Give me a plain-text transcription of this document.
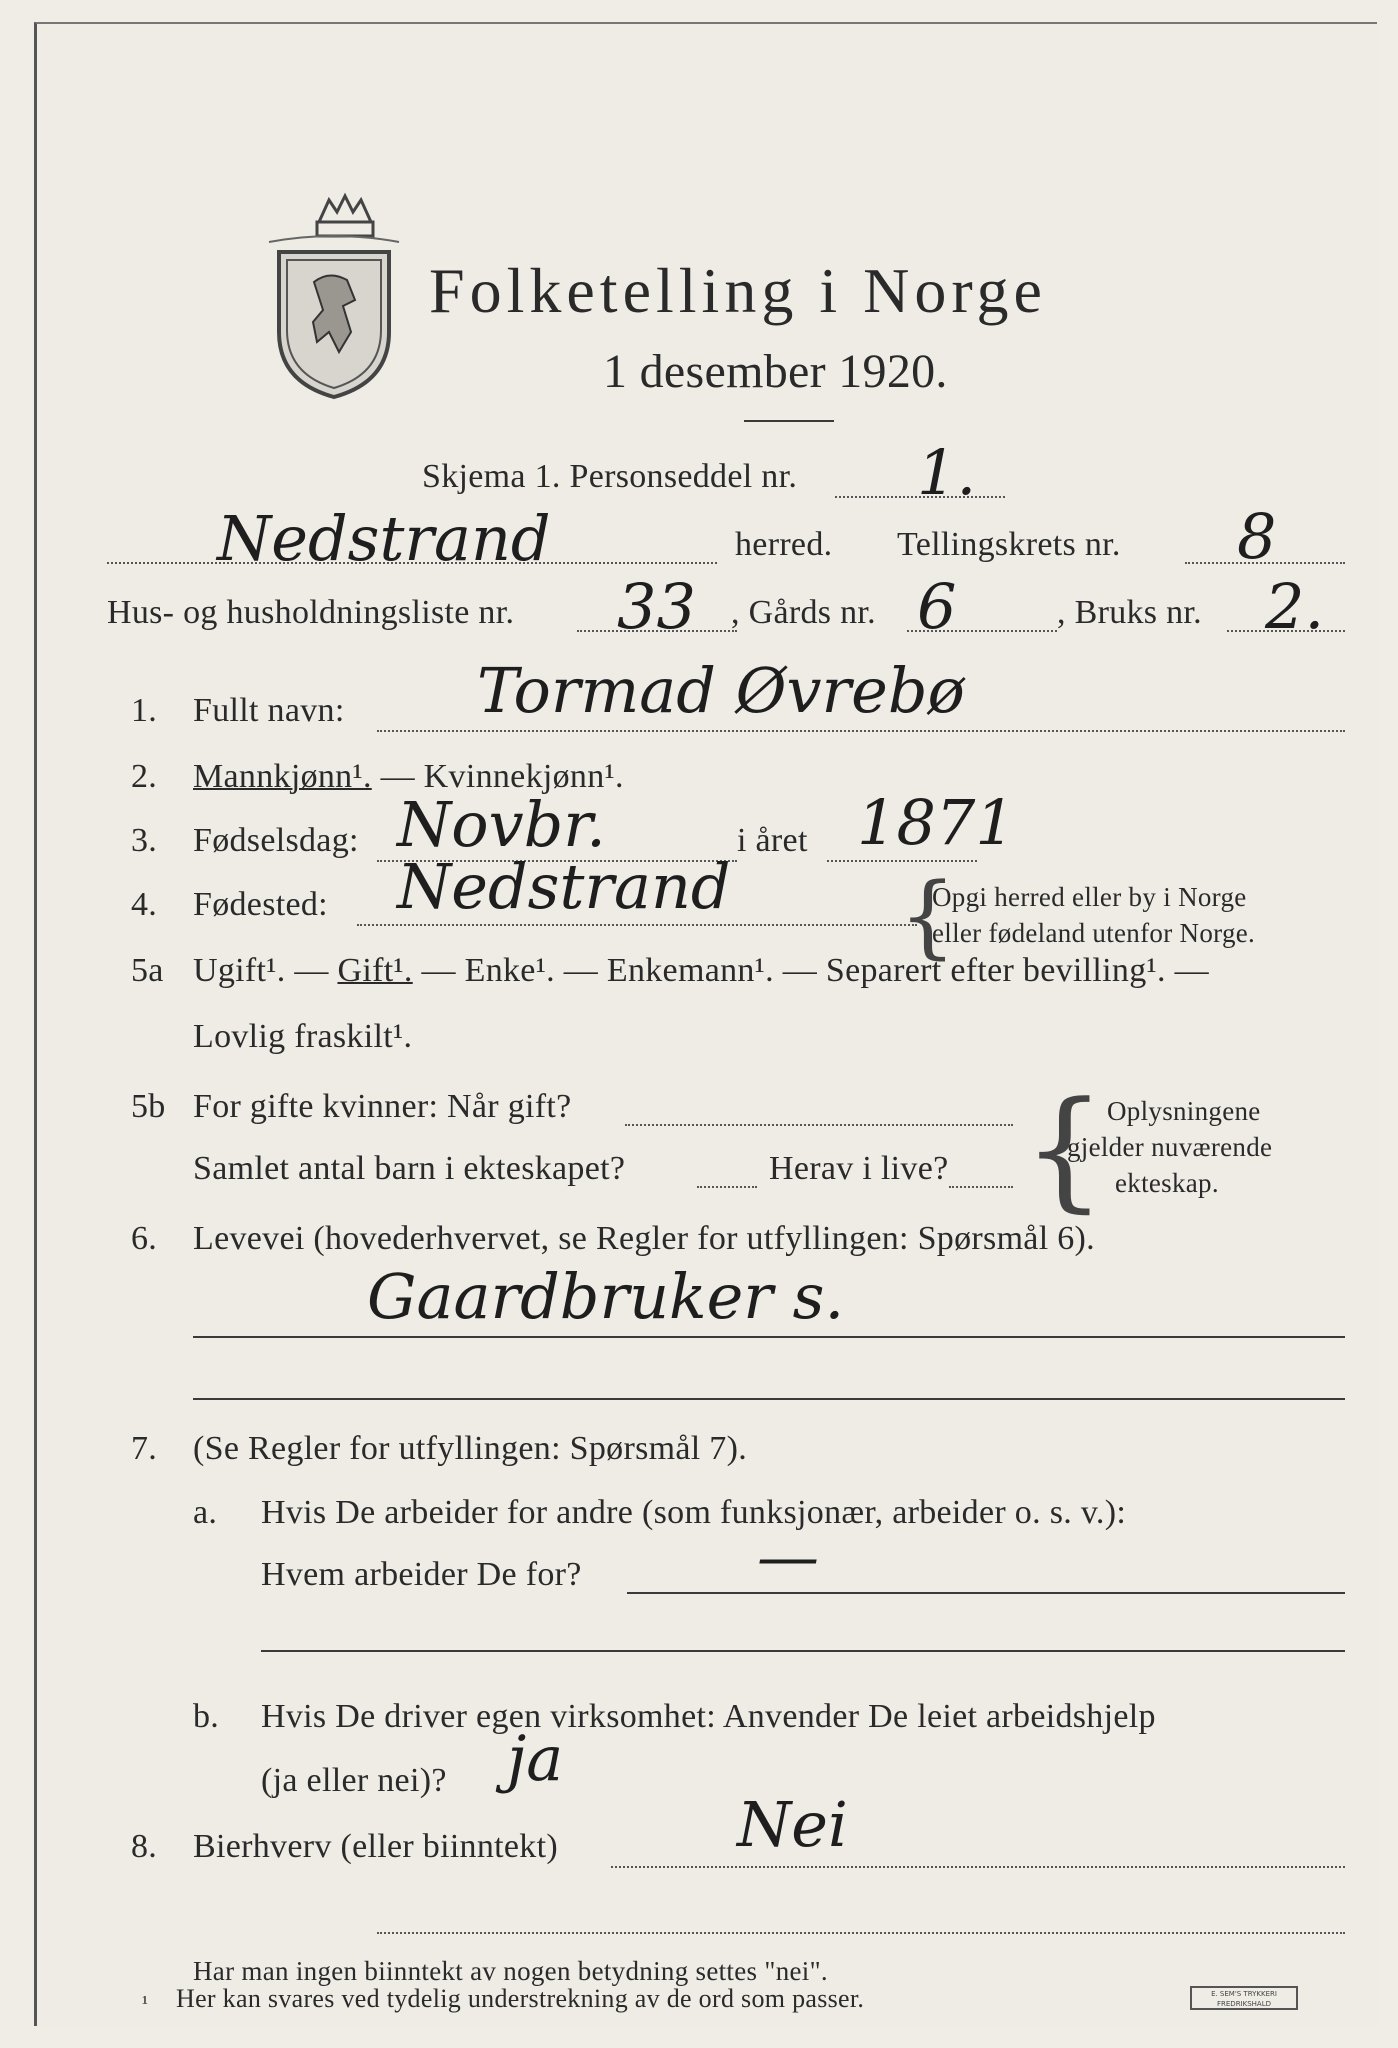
Folketelling i Norge
1 desember 1920.
Skjema 1. Personseddel nr. 1.
Nedstrand	herred. Tellingskrets nr. 8
Hus- og husholdningsliste nr. 33 , Gårds nr. 6	, Bruks nr. 2.
1. Fullt navn: Tormad Øvrebø
2. Mannkjønn¹. — Kvinnekjønn¹.
3. Fødselsdag: Novbr.	i året 1871
4. Fødested: Nedstrand {
Opgi herred eller by i Norge
eller fødeland utenfor Norge.
5a Ugift¹. — Gift¹. — Enke¹. — Enkemann¹. — Separert efter bevilling¹. —
Lovlig fraskilt¹.
5b For gifte kvinner: Når gift?
Samlet antal barn i ekteskapet?	Herav i live? { Oplysningene
gjelder nuværende
ekteskap.
6. Levevei (hovederhvervet, se Regler for utfyllingen: Spørsmål 6).
Gaardbruker s.
7. (Se Regler for utfyllingen: Spørsmål 7).
a. Hvis De arbeider for andre (som funksjonær, arbeider o. s. v.):
Hvem arbeider De for?	—
b. Hvis De driver egen virksomhet: Anvender De leiet arbeidshjelp
(ja eller nei)? ja
8. Bierhverv (eller biinntekt)	Nei
Har man ingen biinntekt av nogen betydning settes "nei".
¹ Her kan svares ved tydelig understrekning av de ord som passer.	E. SEM'S TRYKKERI
FREDRIKSHALD
